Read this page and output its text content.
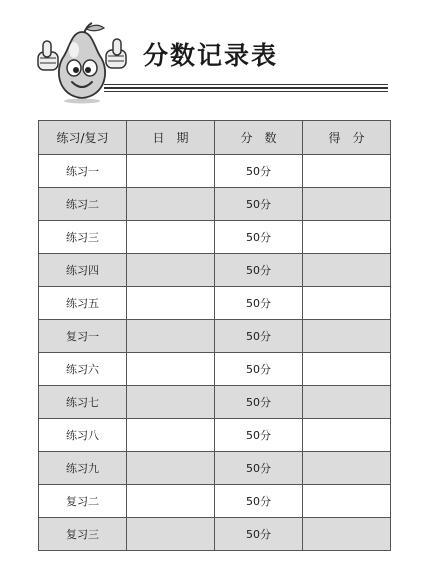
分数记录表
练习/复习	日　期	分　数	得　分
练习一		50分	
练习二		50分	
练习三		50分	
练习四		50分	
练习五		50分	
复习一		50分	
练习六		50分	
练习七		50分	
练习八		50分	
练习九		50分	
复习二		50分	
复习三		50分	
